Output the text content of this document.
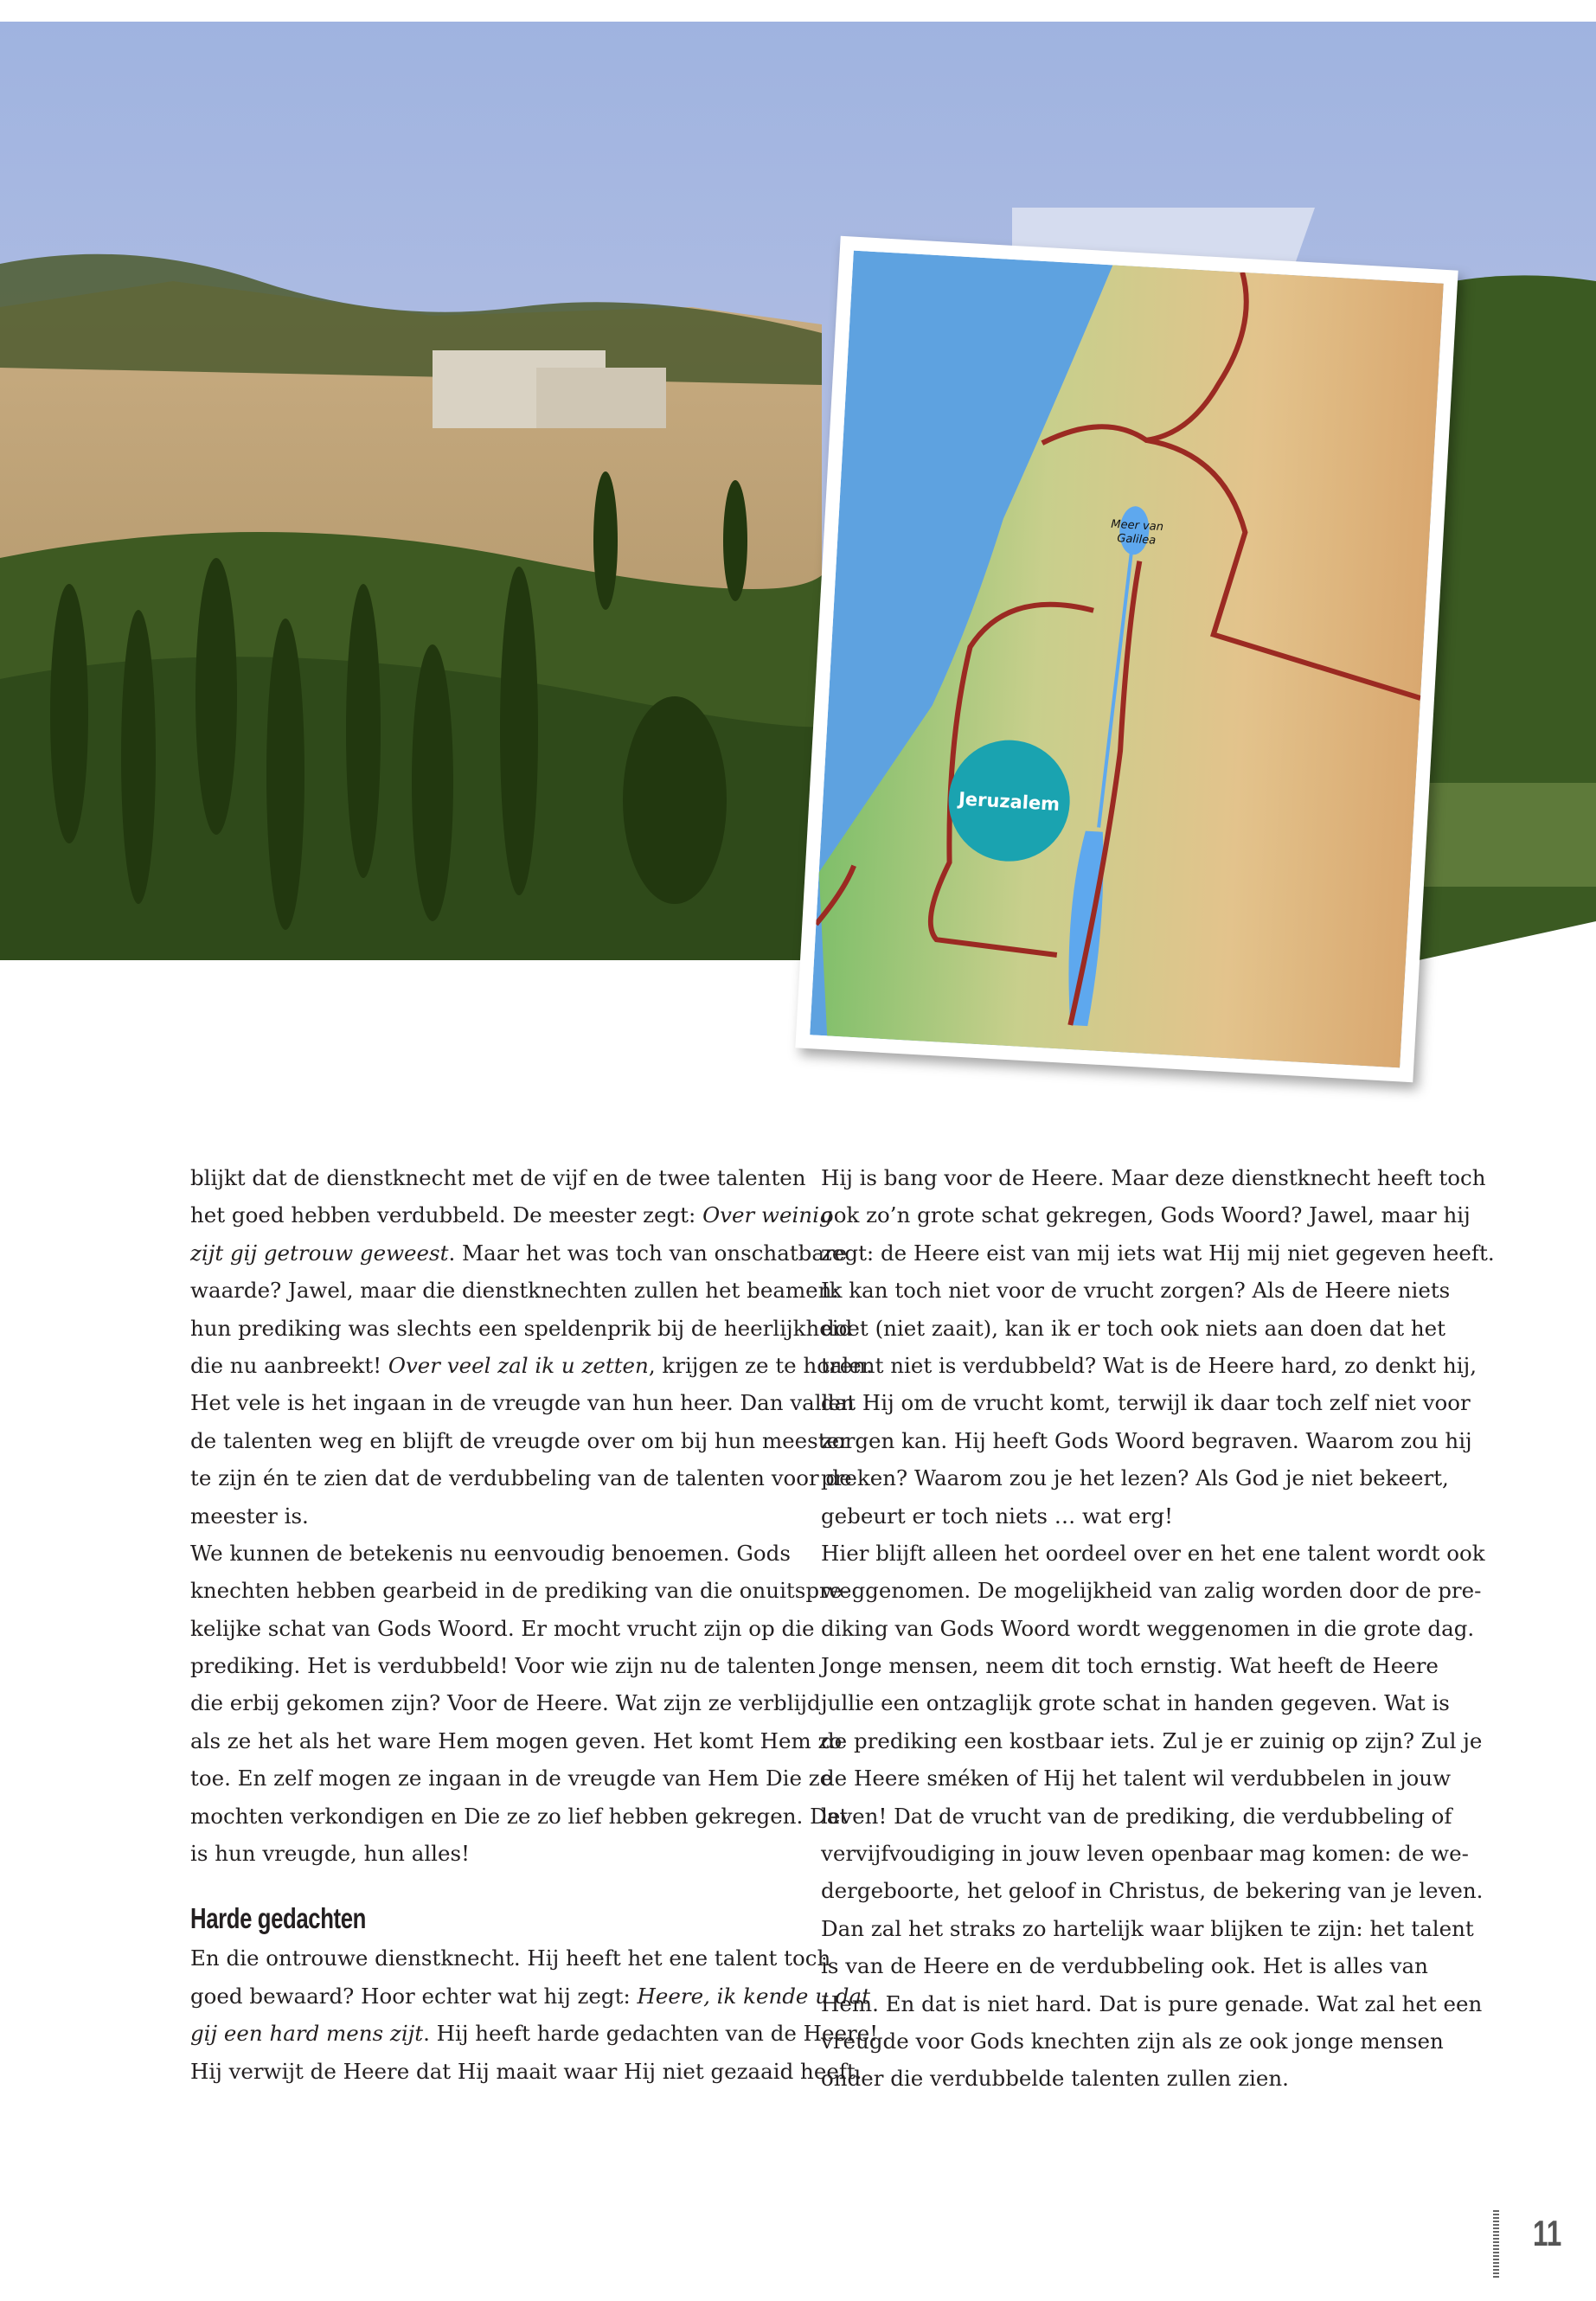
Meer van
Galilea
Jeruzalem
blijkt dat de dienstknecht met de vijf en de twee talenten
het goed hebben verdubbeld. De meester zegt: Over weinig
zijt gij getrouw geweest. Maar het was toch van onschatbare
waarde? Jawel, maar die dienstknechten zullen het beamen:
hun prediking was slechts een speldenprik bij de heerlijkheid
die nu aanbreekt! Over veel zal ik u zetten, krijgen ze te horen.
Het vele is het ingaan in de vreugde van hun heer. Dan vallen
de talenten weg en blijft de vreugde over om bij hun meester
te zijn én te zien dat de verdubbeling van de talenten voor de
meester is.
We kunnen de betekenis nu eenvoudig benoemen. Gods
knechten hebben gearbeid in de prediking van die onuitspre-
kelijke schat van Gods Woord. Er mocht vrucht zijn op die
prediking. Het is verdubbeld! Voor wie zijn nu de talenten
die erbij gekomen zijn? Voor de Heere. Wat zijn ze verblijd
als ze het als het ware Hem mogen geven. Het komt Hem zo
toe. En zelf mogen ze ingaan in de vreugde van Hem Die ze
mochten verkondigen en Die ze zo lief hebben gekregen. Dat
is hun vreugde, hun alles!
Harde gedachten
En die ontrouwe dienstknecht. Hij heeft het ene talent toch
goed bewaard? Hoor echter wat hij zegt: Heere, ik kende u dat
gij een hard mens zijt. Hij heeft harde gedachten van de Heere!
Hij verwijt de Heere dat Hij maait waar Hij niet gezaaid heeft.
Hij is bang voor de Heere. Maar deze dienstknecht heeft toch
ook zo’n grote schat gekregen, Gods Woord? Jawel, maar hij
zegt: de Heere eist van mij iets wat Hij mij niet gegeven heeft.
Ik kan toch niet voor de vrucht zorgen? Als de Heere niets
doet (niet zaait), kan ik er toch ook niets aan doen dat het
talent niet is verdubbeld? Wat is de Heere hard, zo denkt hij,
dat Hij om de vrucht komt, terwijl ik daar toch zelf niet voor
zorgen kan. Hij heeft Gods Woord begraven. Waarom zou hij
preken? Waarom zou je het lezen? Als God je niet bekeert,
gebeurt er toch niets … wat erg!
Hier blijft alleen het oordeel over en het ene talent wordt ook
weggenomen. De mogelijkheid van zalig worden door de pre-
diking van Gods Woord wordt weggenomen in die grote dag.
Jonge mensen, neem dit toch ernstig. Wat heeft de Heere
jullie een ontzaglijk grote schat in handen gegeven. Wat is
de prediking een kostbaar iets. Zul je er zuinig op zijn? Zul je
de Heere sméken of Hij het talent wil verdubbelen in jouw
leven! Dat de vrucht van de prediking, die verdubbeling of
vervijfvoudiging in jouw leven openbaar mag komen: de we-
dergeboorte, het geloof in Christus, de bekering van je leven.
Dan zal het straks zo hartelijk waar blijken te zijn: het talent
is van de Heere en de verdubbeling ook. Het is alles van
Hem. En dat is niet hard. Dat is pure genade. Wat zal het een
vreugde voor Gods knechten zijn als ze ook jonge mensen
onder die verdubbelde talenten zullen zien.
11
